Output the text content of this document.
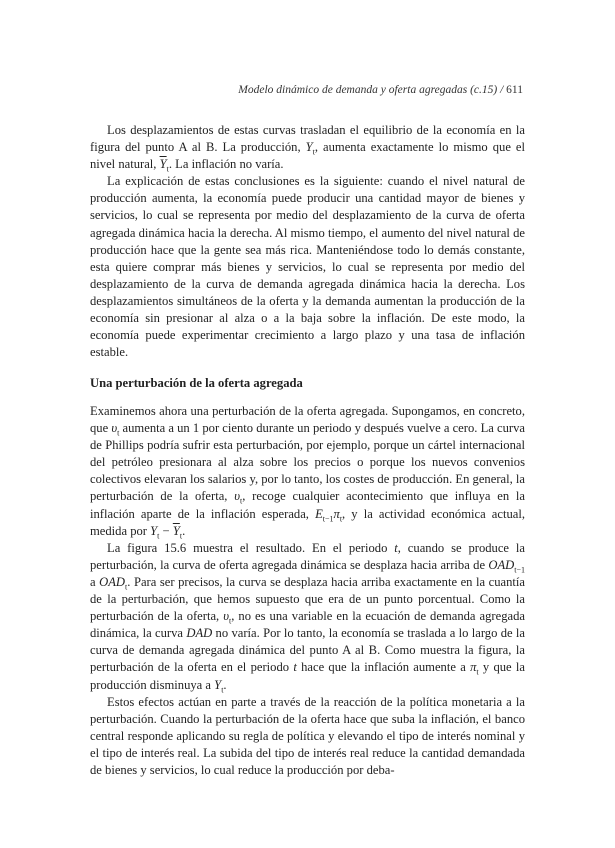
Modelo dinámico de demanda y oferta agregadas (c.15) / 611

Los desplazamientos de estas curvas trasladan el equilibrio de la economía en la figura del punto A al B. La producción, $Y_t$, aumenta exactamente lo mismo que el nivel natural, $\overline{Y}_t$. La inflación no varía.

La explicación de estas conclusiones es la siguiente: cuando el nivel natural de producción aumenta, la economía puede producir una cantidad mayor de bienes y servicios, lo cual se representa por medio del desplazamiento de la curva de oferta agregada dinámica hacia la derecha. Al mismo tiempo, el aumento del nivel natural de producción hace que la gente sea más rica. Manteniéndose todo lo demás constante, esta quiere comprar más bienes y servicios, lo cual se representa por medio del desplazamiento de la curva de demanda agregada dinámica hacia la derecha. Los desplazamientos simultáneos de la oferta y la demanda aumentan la producción de la economía sin presionar al alza o a la baja sobre la inflación. De este modo, la economía puede experimentar crecimiento a largo plazo y una tasa de inflación estable.

Una perturbación de la oferta agregada

Examinemos ahora una perturbación de la oferta agregada. Supongamos, en concreto, que $\upsilon_t$ aumenta a un 1 por ciento durante un periodo y después vuelve a cero. La curva de Phillips podría sufrir esta perturbación, por ejemplo, porque un cártel internacional del petróleo presionara al alza sobre los precios o porque los nuevos convenios colectivos elevaran los salarios y, por lo tanto, los costes de producción. En general, la perturbación de la oferta, $\upsilon_t$, recoge cualquier acontecimiento que influya en la inflación aparte de la inflación esperada, $E_{t-1}\pi_t$, y la actividad económica actual, medida por $Y_t - \overline{Y}_t$.

La figura 15.6 muestra el resultado. En el periodo t, cuando se produce la perturbación, la curva de oferta agregada dinámica se desplaza hacia arriba de $OAD_{t-1}$ a $OAD_t$. Para ser precisos, la curva se desplaza hacia arriba exactamente en la cuantía de la perturbación, que hemos supuesto que era de un punto porcentual. Como la perturbación de la oferta, $\upsilon_t$, no es una variable en la ecuación de demanda agregada dinámica, la curva DAD no varía. Por lo tanto, la economía se traslada a lo largo de la curva de demanda agregada dinámica del punto A al B. Como muestra la figura, la perturbación de la oferta en el periodo t hace que la inflación aumente a $\pi_t$ y que la producción disminuya a $Y_t$.

Estos efectos actúan en parte a través de la reacción de la política monetaria a la perturbación. Cuando la perturbación de la oferta hace que suba la inflación, el banco central responde aplicando su regla de política y elevando el tipo de interés nominal y el tipo de interés real. La subida del tipo de interés real reduce la cantidad demandada de bienes y servicios, lo cual reduce la producción por deba-
